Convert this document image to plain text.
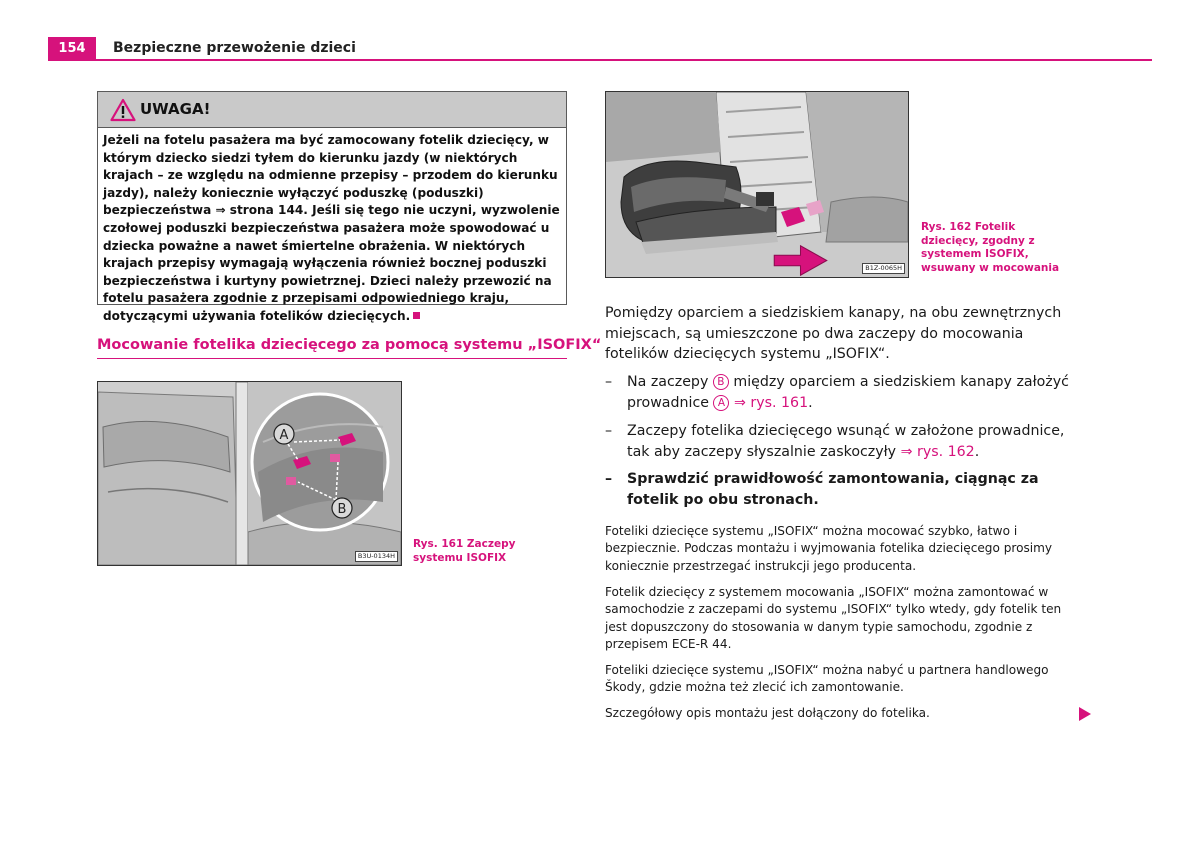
154	Bezpieczne przewożenie dzieci
UWAGA!
Jeżeli na fotelu pasażera ma być zamocowany fotelik dziecięcy, w którym dziecko siedzi tyłem do kierunku jazdy (w niektórych krajach – ze względu na odmienne przepisy – przodem do kierunku jazdy), należy koniecznie wyłączyć poduszkę (poduszki) bezpieczeństwa ⇒ strona 144. Jeśli się tego nie uczyni, wyzwolenie czołowej poduszki bezpieczeństwa pasażera może spowodować u dziecka poważne a nawet śmiertelne obrażenia. W niektórych krajach przepisy wymagają wyłączenia również bocznej poduszki bezpieczeństwa i kurtyny powietrznej. Dzieci należy przewozić na fotelu pasażera zgodnie z przepisami odpowiedniego kraju, dotyczącymi używania fotelików dziecięcych.
Mocowanie fotelika dziecięcego za pomocą systemu „ISOFIX“
A
B
B3U-0134H
Rys. 161 Zaczepy systemu ISOFIX
B1Z-0065H
Rys. 162 Fotelik dziecięcy, zgodny z systemem ISOFIX, wsuwany w mocowania
Pomiędzy oparciem a siedziskiem kanapy, na obu zewnętrznych miejscach, są umieszczone po dwa zaczepy do mocowania fotelików dziecięcych systemu „ISOFIX“.
– Na zaczepy B między oparciem a siedziskiem kanapy założyć prowadnice A ⇒ rys. 161.
– Zaczepy fotelika dziecięcego wsunąć w założone prowadnice, tak aby zaczepy słyszalnie zaskoczyły ⇒ rys. 162.
– Sprawdzić prawidłowość zamontowania, ciągnąc za fotelik po obu stronach.
Foteliki dziecięce systemu „ISOFIX“ można mocować szybko, łatwo i bezpiecznie. Podczas montażu i wyjmowania fotelika dziecięcego prosimy koniecznie przestrzegać instrukcji jego producenta.
Fotelik dziecięcy z systemem mocowania „ISOFIX“ można zamontować w samochodzie z zaczepami do systemu „ISOFIX“ tylko wtedy, gdy fotelik ten jest dopuszczony do stosowania w danym typie samochodu, zgodnie z przepisem ECE-R 44.
Foteliki dziecięce systemu „ISOFIX“ można nabyć u partnera handlowego Škody, gdzie można też zlecić ich zamontowanie.
Szczegółowy opis montażu jest dołączony do fotelika.
